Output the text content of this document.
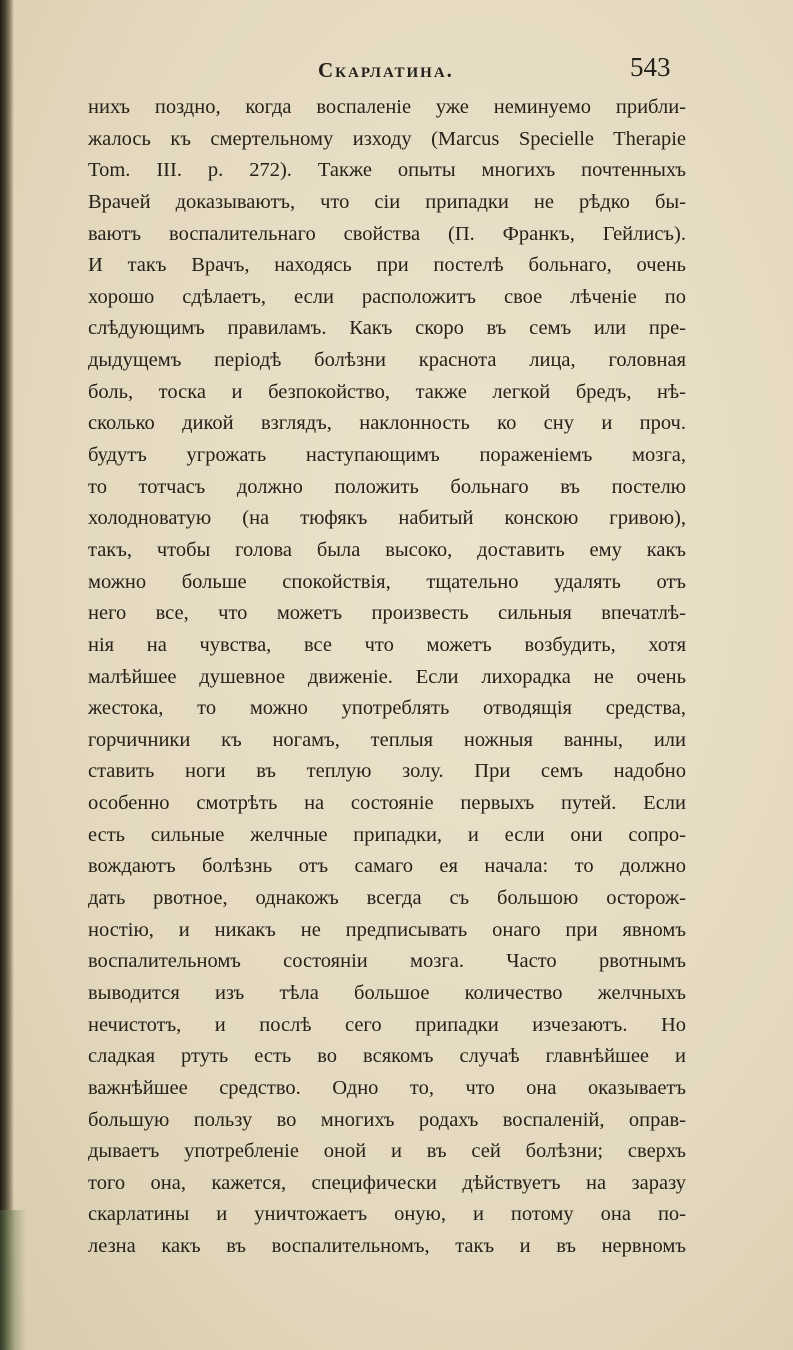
Скарлатина.	543
нихъ поздно, когда воспаленіе уже неминуемо прибли-
жалось къ смертельному изходу (Marcus Speсielle Therapie
Tom. III. p. 272). Также опыты многихъ почтенныхъ
Врачей доказываютъ, что сіи припадки не рѣдко бы-
ваютъ воспалительнаго свойства (П. Франкъ, Гейлисъ).
И такъ Врачъ, находясь при постелѣ больнаго, очень
хорошо сдѣлаетъ, если расположитъ свое лѣченіе по
слѣдующимъ правиламъ. Какъ скоро въ семъ или пре-
дыдущемъ періодѣ болѣзни краснота лица, головная
боль, тоска и безпокойство, также легкой бредъ, нѣ-
сколько дикой взглядъ, наклонность ко сну и проч.
будутъ угрожать наступающимъ пораженіемъ мозга,
то тотчасъ должно положить больнаго въ постелю
холодноватую (на тюфякъ набитый конскою гривою),
такъ, чтобы голова была высоко, доставить ему какъ
можно больше спокойствія, тщательно удалять отъ
него все, что можетъ произвесть сильныя впечатлѣ-
нія на чувства, все что можетъ возбудить, хотя
малѣйшее душевное движеніе. Если лихорадка не очень
жестока, то можно употреблять отводящія средства,
горчичники къ ногамъ, теплыя ножныя ванны, или
ставить ноги въ теплую золу. При семъ надобно
особенно смотрѣть на состояніе первыхъ путей. Если
есть сильные желчные припадки, и если они сопро-
вождаютъ болѣзнь отъ самаго ея начала: то должно
дать рвотное, однакожъ всегда съ большою осторож-
ностію, и никакъ не предписывать онаго при явномъ
воспалительномъ состояніи мозга. Часто рвотнымъ
выводится изъ тѣла большое количество желчныхъ
нечистотъ, и послѣ сего припадки изчезаютъ. Но
сладкая ртуть есть во всякомъ случаѣ главнѣйшее и
важнѣйшее средство. Одно то, что она оказываетъ
большую пользу во многихъ родахъ воспаленій, оправ-
дываетъ употребленіе оной и въ сей болѣзни; сверхъ
того она, кажется, специфически дѣйствуетъ на заразу
скарлатины и уничтожаетъ оную, и потому она по-
лезна какъ въ воспалительномъ, такъ и въ нервномъ
